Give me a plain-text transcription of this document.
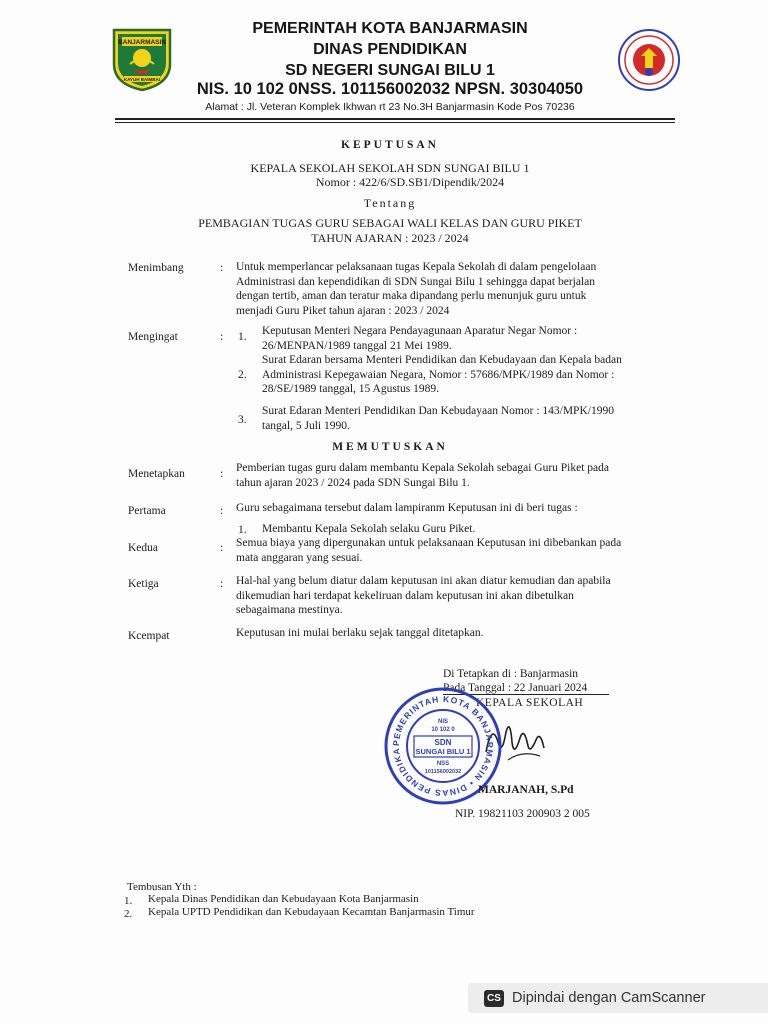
BANJARMASIN
KAYUH BAIMBAI
PEMERINTAH KOTA BANJARMASIN
DINAS PENDIDIKAN
SD NEGERI SUNGAI BILU 1
NIS. 10 102 0NSS. 101156002032 NPSN. 30304050
Alamat : Jl. Veteran Komplek Ikhwan rt 23 No.3H Banjarmasin Kode Pos 70236
KEPUTUSAN
KEPALA SEKOLAH SEKOLAH SDN SUNGAI BILU 1
Nomor : 422/6/SD.SB1/Dipendik/2024
Tentang
PEMBAGIAN TUGAS GURU SEBAGAI WALI KELAS DAN GURU PIKET
TAHUN AJARAN : 2023 / 2024
Menimbang	: Untuk memperlancar pelaksanaan tugas Kepala Sekolah di dalam pengelolaan
Administrasi dan kependidikan di SDN Sungai Bilu 1 sehingga dapat berjalan
dengan tertib, aman dan teratur maka dipandang perlu menunjuk guru untuk
menjadi Guru Piket tahun ajaran : 2023 / 2024
Mengingat	: 1. Keputusan Menteri Negara Pendayagunaan Aparatur Negar Nomor :
26/MENPAN/1989 tanggal 21 Mei 1989.
2.
Surat Edaran bersama Menteri Pendidikan dan Kebudayaan dan Kepala badan
Administrasi Kepegawaian Negara, Nomor : 57686/MPK/1989 dan Nomor :
28/SE/1989 tanggal, 15 Agustus 1989.
3.
Surat Edaran Menteri Pendidikan Dan Kebudayaan Nomor : 143/MPK/1990
tangal, 5 Juli 1990.
MEMUTUSKAN
Menetapkan	: Pemberian tugas guru dalam membantu Kepala Sekolah sebagai Guru Piket pada
tahun ajaran 2023 / 2024 pada SDN Sungai Bilu 1.
Pertama	: Guru sebagaimana tersebut dalam lampiranm Keputusan ini di beri tugas :
1. Membantu Kepala Sekolah selaku Guru Piket.
Kedua	: Semua biaya yang dipergunakan untuk pelaksanaan Keputusan ini dibebankan pada
mata anggaran yang sesuai.
Ketiga	: Hal-hal yang belum diatur dalam keputusan ini akan diatur kemudian dan apabila
dikemudian hari terdapat kekeliruan dalam keputusan ini akan dibetulkan
sebagaimana mestinya.
Kcempat	Keputusan ini mulai berlaku sejak tanggal ditetapkan.
Di Tetapkan di : Banjarmasin
Pada Tanggal : 22 Januari 2024
KEPALA SEKOLAH
PEMERINTAH KOTA BANJARMASIN • DINAS PENDIDIKA
NIS
10 102 0
SDN
SUNGAI BILU 1
NSS
101156002032
MARJANAH, S.Pd
NIP. 19821103 200903 2 005
Tembusan Yth :
1. Kepala Dinas Pendidikan dan Kebudayaan Kota Banjarmasin
2. Kepala UPTD Pendidikan dan Kebudayaan Kecamtan Banjarmasin Timur
CS Dipindai dengan CamScanner
